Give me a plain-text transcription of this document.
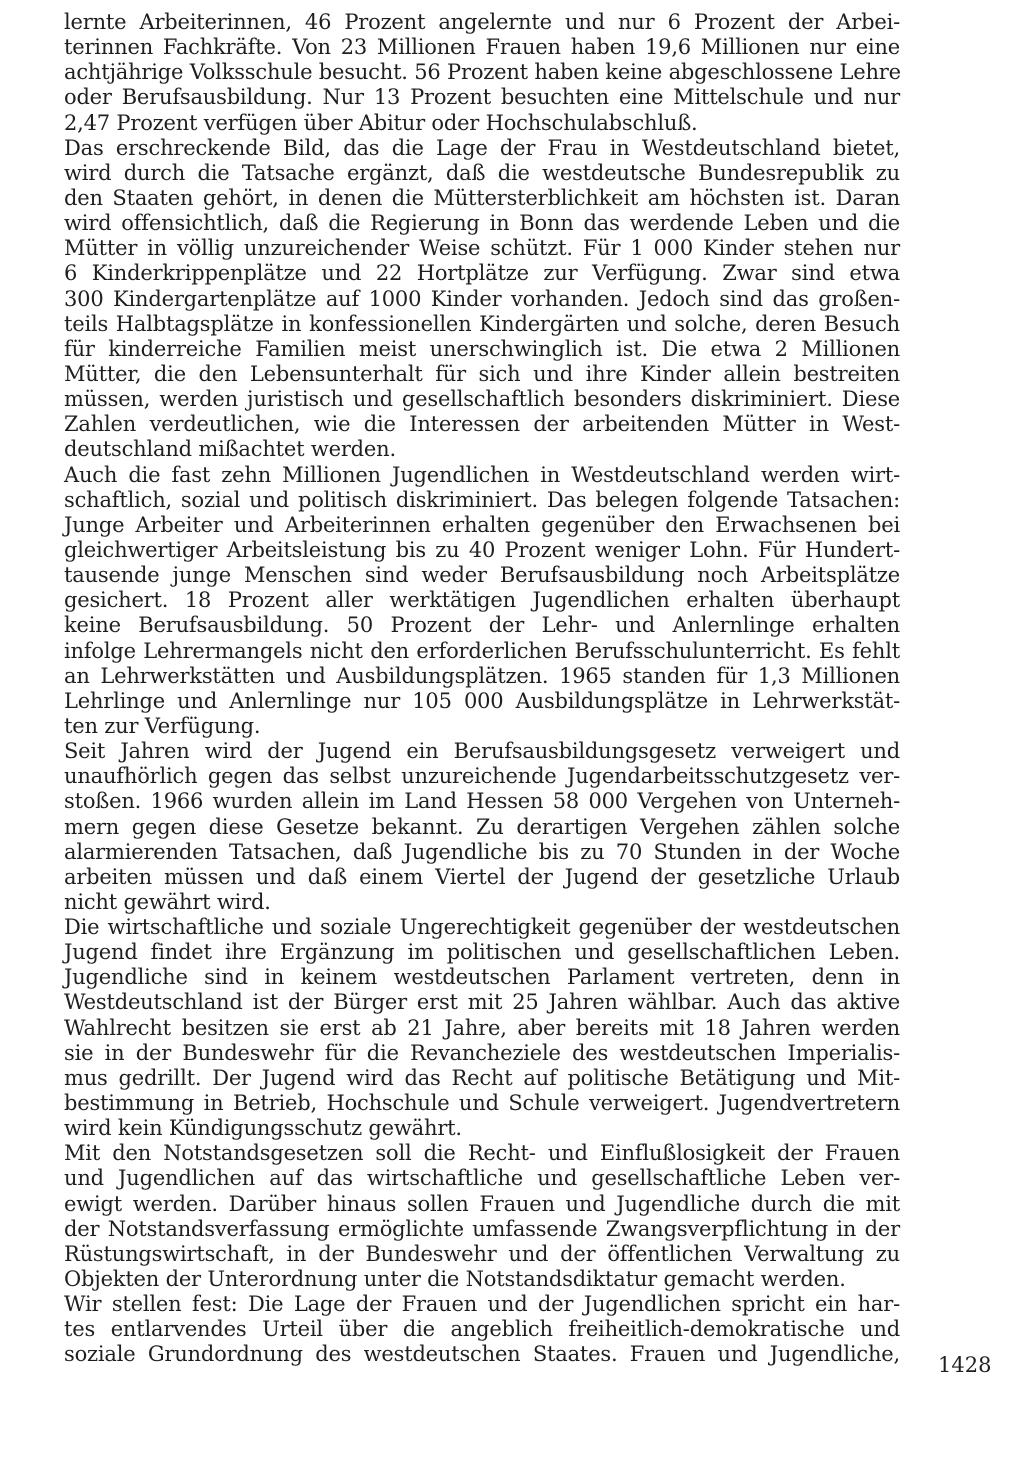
lernte Arbeiterinnen, 46 Prozent angelernte und nur 6 Prozent der Arbei-
terinnen Fachkräfte. Von 23 Millionen Frauen haben 19,6 Millionen nur eine
achtjährige Volksschule besucht. 56 Prozent haben keine abgeschlossene Lehre
oder Berufsausbildung. Nur 13 Prozent besuchten eine Mittelschule und nur
2,47 Prozent verfügen über Abitur oder Hochschulabschluß.
Das erschreckende Bild, das die Lage der Frau in Westdeutschland bietet,
wird durch die Tatsache ergänzt, daß die westdeutsche Bundesrepublik zu
den Staaten gehört, in denen die Müttersterblichkeit am höchsten ist. Daran
wird offensichtlich, daß die Regierung in Bonn das werdende Leben und die
Mütter in völlig unzureichender Weise schützt. Für 1 000 Kinder stehen nur
6 Kinderkrippenplätze und 22 Hortplätze zur Verfügung. Zwar sind etwa
300 Kindergartenplätze auf 1000 Kinder vorhanden. Jedoch sind das großen-
teils Halbtagsplätze in konfessionellen Kindergärten und solche, deren Besuch
für kinderreiche Familien meist unerschwinglich ist. Die etwa 2 Millionen
Mütter, die den Lebensunterhalt für sich und ihre Kinder allein bestreiten
müssen, werden juristisch und gesellschaftlich besonders diskriminiert. Diese
Zahlen verdeutlichen, wie die Interessen der arbeitenden Mütter in West-
deutschland mißachtet werden.
Auch die fast zehn Millionen Jugendlichen in Westdeutschland werden wirt-
schaftlich, sozial und politisch diskriminiert. Das belegen folgende Tatsachen:
Junge Arbeiter und Arbeiterinnen erhalten gegenüber den Erwachsenen bei
gleichwertiger Arbeitsleistung bis zu 40 Prozent weniger Lohn. Für Hundert-
tausende junge Menschen sind weder Berufsausbildung noch Arbeitsplätze
gesichert. 18 Prozent aller werktätigen Jugendlichen erhalten überhaupt
keine Berufsausbildung. 50 Prozent der Lehr- und Anlernlinge erhalten
infolge Lehrermangels nicht den erforderlichen Berufsschulunterricht. Es fehlt
an Lehrwerkstätten und Ausbildungsplätzen. 1965 standen für 1,3 Millionen
Lehrlinge und Anlernlinge nur 105 000 Ausbildungsplätze in Lehrwerkstät-
ten zur Verfügung.
Seit Jahren wird der Jugend ein Berufsausbildungsgesetz verweigert und
unaufhörlich gegen das selbst unzureichende Jugendarbeitsschutzgesetz ver-
stoßen. 1966 wurden allein im Land Hessen 58 000 Vergehen von Unterneh-
mern gegen diese Gesetze bekannt. Zu derartigen Vergehen zählen solche
alarmierenden Tatsachen, daß Jugendliche bis zu 70 Stunden in der Woche
arbeiten müssen und daß einem Viertel der Jugend der gesetzliche Urlaub
nicht gewährt wird.
Die wirtschaftliche und soziale Ungerechtigkeit gegenüber der westdeutschen
Jugend findet ihre Ergänzung im politischen und gesellschaftlichen Leben.
Jugendliche sind in keinem westdeutschen Parlament vertreten, denn in
Westdeutschland ist der Bürger erst mit 25 Jahren wählbar. Auch das aktive
Wahlrecht besitzen sie erst ab 21 Jahre, aber bereits mit 18 Jahren werden
sie in der Bundeswehr für die Revancheziele des westdeutschen Imperialis-
mus gedrillt. Der Jugend wird das Recht auf politische Betätigung und Mit-
bestimmung in Betrieb, Hochschule und Schule verweigert. Jugendvertretern
wird kein Kündigungsschutz gewährt.
Mit den Notstandsgesetzen soll die Recht- und Einflußlosigkeit der Frauen
und Jugendlichen auf das wirtschaftliche und gesellschaftliche Leben ver-
ewigt werden. Darüber hinaus sollen Frauen und Jugendliche durch die mit
der Notstandsverfassung ermöglichte umfassende Zwangsverpflichtung in der
Rüstungswirtschaft, in der Bundeswehr und der öffentlichen Verwaltung zu
Objekten der Unterordnung unter die Notstandsdiktatur gemacht werden.
Wir stellen fest: Die Lage der Frauen und der Jugendlichen spricht ein har-
tes entlarvendes Urteil über die angeblich freiheitlich-demokratische und
soziale Grundordnung des westdeutschen Staates. Frauen und Jugendliche, 1428
